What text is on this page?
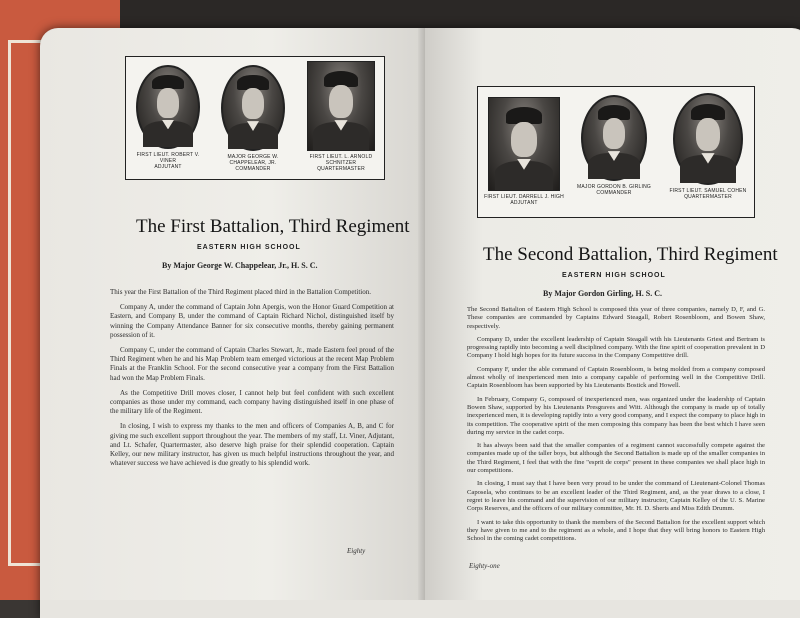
FIRST LIEUT. ROBERT V. VINER
ADJUTANT
MAJOR GEORGE W. CHAPPELEAR, JR.
COMMANDER
FIRST LIEUT. L. ARNOLD SCHNITZER
QUARTERMASTER
The First Battalion, Third Regiment
EASTERN HIGH SCHOOL
By Major George W. Chappelear, Jr., H. S. C.

This year the First Battalion of the Third Regiment placed third in the Battalion Competition.

Company A, under the command of Captain John Apergis, won the Honor Guard Competition at Eastern, and Company B, under the command of Captain Richard Nichol, distinguished itself by winning the Company Attendance Banner for six consecutive months, thereby gaining permanent possession of it.

Company C, under the command of Captain Charles Stewart, Jr., made Eastern feel proud of the Third Regiment when he and his Map Problem team emerged victorious at the recent Map Problem Finals at the Franklin School. For the second consecutive year a company from the First Battalion had won the Map Problem Finals.

As the Competitive Drill moves closer, I cannot help but feel confident with such excellent companies as those under my command, each company having distinguished itself in one phase of the military life of the Regiment.

In closing, I wish to express my thanks to the men and officers of Companies A, B, and C for giving me such excellent support throughout the year. The members of my staff, Lt. Viner, Adjutant, and Lt. Schafer, Quartermaster, also deserve high praise for their splendid cooperation. Captain Kelley, our new military instructor, has given us much helpful instructions throughout the year, and whatever success we have achieved is due greatly to his splendid work.

Eighty
FIRST LIEUT. DARRELL J. HIGH
ADJUTANT
MAJOR GORDON B. GIRLING
COMMANDER	FIRST LIEUT. SAMUEL COHEN
QUARTERMASTER
The Second Battalion, Third Regiment
EASTERN HIGH SCHOOL
By Major Gordon Girling, H. S. C.

The Second Battalion of Eastern High School is composed this year of three companies, namely D, F, and G. These companies are commanded by Captains Edward Steagall, Robert Rosenbloom, and Bowen Shaw, respectively.

Company D, under the excellent leadership of Captain Steagall with his Lieutenants Griest and Bertram is progressing rapidly into becoming a well disciplined company. With the fine spirit of cooperation prevalent in D Company I hold high hopes for its future success in the Company Competitive drill.

Company F, under the able command of Captain Rosenbloom, is being molded from a company composed almost wholly of inexperienced men into a company capable of performing well in the Competitive Drill. Captain Rosenbloom has been supported by his Lieutenants Bostick and Howell.

In February, Company G, composed of inexperienced men, was organized under the leadership of Captain Bowen Shaw, supported by his Lieutenants Presgraves and Witt. Although the company is made up of totally inexperienced men, it is developing rapidly into a very good company, and I expect the company to place high in its competition. The cooperative spirit of the men composing this company has been the best which I have seen during my service in the cadet corps.

It has always been said that the smaller companies of a regiment cannot successfully compete against the companies made up of the taller boys, but although the Second Battalion is made up of the smaller companies in the Third Regiment, I feel that with the fine "esprit de corps" present in these companies we shall place high in our competitions.

In closing, I must say that I have been very proud to be under the command of Lieutenant-Colonel Thomas Caposela, who continues to be an excellent leader of the Third Regiment, and, as the year draws to a close, I regret to leave his command and the supervision of our military instructor, Captain Kelley of the U. S. Marine Corps Reserves, and the officers of our military committee, Mr. H. D. Sherts and Miss Edith Drumm.

I want to take this opportunity to thank the members of the Second Battalion for the excellent support which they have given to me and to the regiment as a whole, and I hope that they will bring honors to Eastern High School in the coming cadet competitions.

Eighty-one
